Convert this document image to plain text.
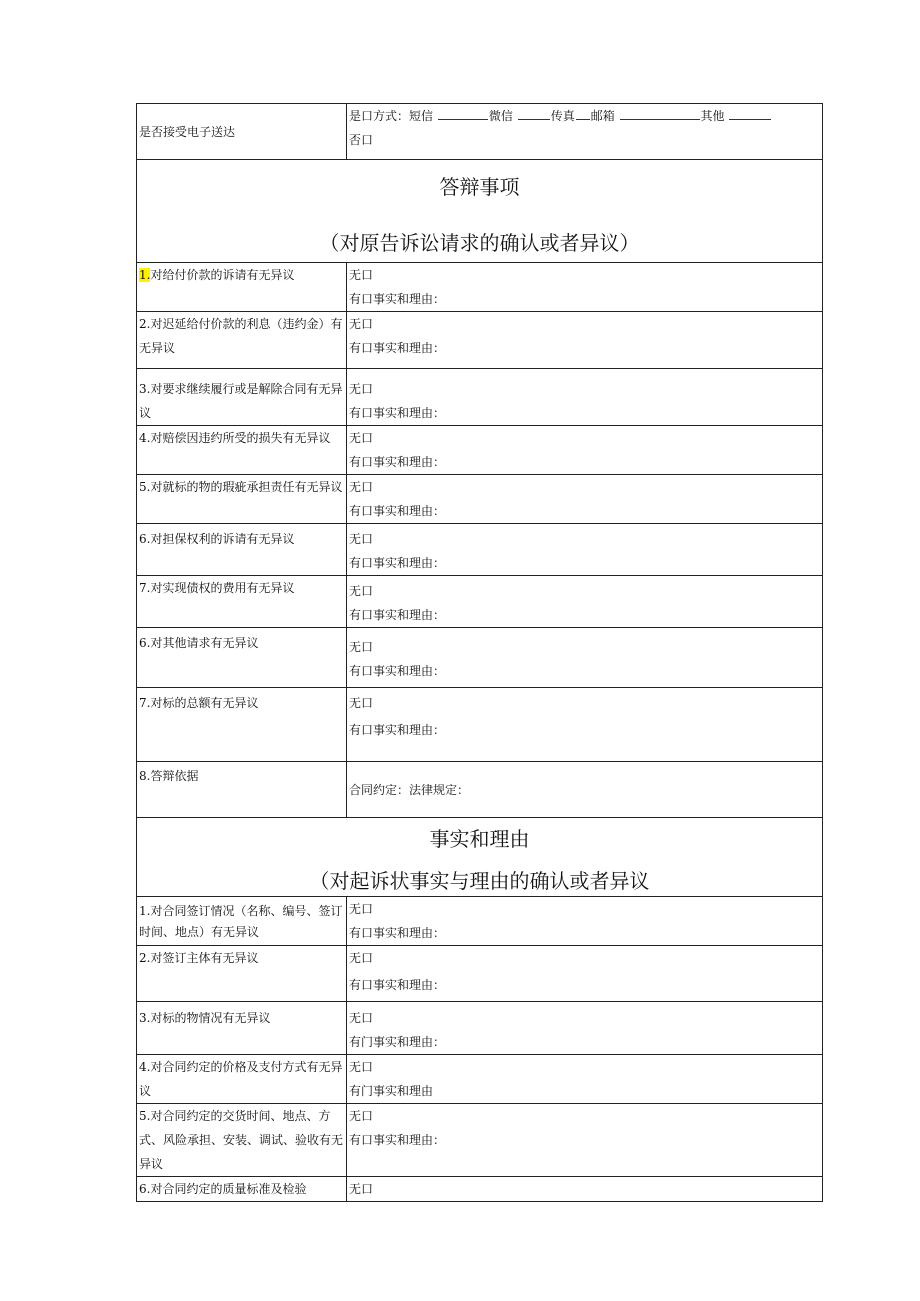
是否接受电子送达	是口方式：短信 微信 传真 邮箱 其他
否口

答辩事项
（对原告诉讼请求的确认或者异议）	

1.对给付价款的诉请有无异议	无口
有口事实和理由：

2.对迟延给付价款的利息（违约金）有无异议	无口
有口事实和理由：

3.对要求继续履行或是解除合同有无异议	无口
有口事实和理由：

4.对赔偿因违约所受的损失有无异议	无口
有口事实和理由：

5.对就标的物的瑕疵承担责任有无异议	无口
有口事实和理由：

6.对担保权利的诉请有无异议	无口
有口事实和理由：

7.对实现债权的费用有无异议	无口
有口事实和理由：

6.对其他请求有无异议	无口
有口事实和理由：

7.对标的总额有无异议	无口
有口事实和理由：

8.答辩依据	合同约定：法律规定：

事实和理由
（对起诉状事实与理由的确认或者异议	

1.对合同签订情况（名称、编号、签订时间、地点）有无异议	无口
有口事实和理由：

2.对签订主体有无异议	无口
有口事实和理由：

3.对标的物情况有无异议	无口
有门事实和理由：

4.对合同约定的价格及支付方式有无异议	无口
有门事实和理由

5.对合同约定的交货时间、地点、方式、风险承担、安装、调试、验收有无异议	无口
有口事实和理由：

6.对合同约定的质量标准及检验	无口
